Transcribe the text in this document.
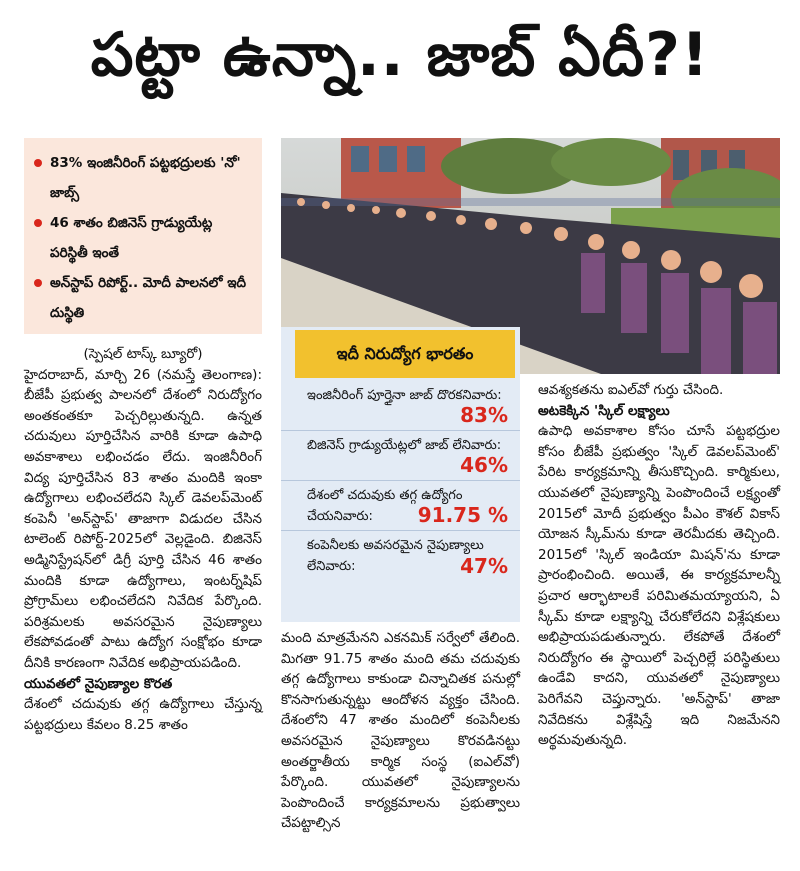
పట్టా ఉన్నా.. జాబ్ ఏదీ?!
83% ఇంజినీరింగ్ పట్టభద్రులకు 'నో' జాబ్స్
46 శాతం బిజినెస్ గ్రాడ్యుయేట్ల పరిస్థితీ ఇంతే
అన్‌స్టాప్ రిపోర్ట్.. మోదీ పాలనలో ఇదీ దుస్థితి

(స్పెషల్ టాస్క్ బ్యూరో)

హైదరాబాద్, మార్చి 26 (నమస్తే తెలంగాణ): బీజేపీ ప్రభుత్వ పాలనలో దేశంలో నిరుద్యోగం అంతకంతకూ పెచ్చరిల్లుతున్నది. ఉన్నత చదువులు పూర్తిచేసిన వారికి కూడా ఉపాధి అవకాశాలు లభించడం లేదు. ఇంజినీరింగ్ విద్య పూర్తిచేసిన 83 శాతం మందికి ఇంకా ఉద్యోగాలు లభించలేదని స్కిల్ డెవలప్‌మెంట్ కంపెనీ 'అన్‌స్టాప్' తాజాగా విడుదల చేసిన టాలెంట్ రిపోర్ట్-2025లో వెల్లడైంది. బిజినెస్ అడ్మినిస్ట్రేషన్‌లో డిగ్రీ పూర్తి చేసిన 46 శాతం మందికి కూడా ఉద్యోగాలు, ఇంటర్న్‌షిప్ ప్రోగ్రామ్‌లు లభించలేదని నివేదిక పేర్కొంది. పరిశ్రమలకు అవసరమైన నైపుణ్యాలు లేకపోవడంతో పాటు ఉద్యోగ సంక్షోభం కూడా దీనికి కారణంగా నివేదిక అభిప్రాయపడింది.

యువతలో నైపుణ్యాల కొరత

దేశంలో చదువుకు తగ్గ ఉద్యోగాలు చేస్తున్న పట్టభద్రులు కేవలం 8.25 శాతం

ఇదీ నిరుద్యోగ భారతం
ఇంజినీరింగ్ పూర్తైనా జాబ్ దొరకనివారు:
83%
బిజినెస్ గ్రాడ్యుయేట్లలో జాబ్ లేనివారు:
46%
దేశంలో చదువుకు తగ్గ ఉద్యోగం చేయనివారు: 91.75 %
కంపెనీలకు అవసరమైన నైపుణ్యాలు లేనివారు:	47%

మంది మాత్రమేనని ఎకనమిక్ సర్వేలో తేలింది. మిగతా 91.75 శాతం మంది తమ చదువుకు తగ్గ ఉద్యోగాలు కాకుండా చిన్నాచితక పనుల్లో కొనసాగుతున్నట్టు ఆందోళన వ్యక్తం చేసింది. దేశంలోని 47 శాతం మందిలో కంపెనీలకు అవసరమైన నైపుణ్యాలు కొరవడినట్టు అంతర్జాతీయ కార్మిక సంస్థ (ఐఎల్‌వో) పేర్కొంది. యువతలో నైపుణ్యాలను పెంపొందించే కార్యక్రమాలను ప్రభుత్వాలు చేపట్టాల్సిన

ఆవశ్యకతను ఐఎల్‌వో గుర్తు చేసింది.

అటకెక్కిన 'స్కిల్ లక్ష్యాలు

ఉపాధి అవకాశాల కోసం చూసే పట్టభద్రుల కోసం బీజేపీ ప్రభుత్వం 'స్కిల్ డెవలప్‌మెంట్' పేరిట కార్యక్రమాన్ని తీసుకొచ్చింది. కార్మికులు, యువతలో నైపుణ్యాన్ని పెంపొందించే లక్ష్యంతో 2015లో మోదీ ప్రభుత్వం పీఎం కౌశల్ వికాస్ యోజన స్కీమ్‌ను కూడా తెరమీదకు తెచ్చింది. 2015లో 'స్కిల్ ఇండియా మిషన్'ను కూడా ప్రారంభించింది. అయితే, ఈ కార్యక్రమాలన్నీ ప్రచార ఆర్భాటాలకే పరిమితమయ్యాయని, ఏ స్కీమ్ కూడా లక్ష్యాన్ని చేరుకోలేదని విశ్లేషకులు అభిప్రాయపడుతున్నారు. లేకపోతే దేశంలో నిరుద్యోగం ఈ స్థాయిలో పెచ్చరిల్లే పరిస్థితులు ఉండేవి కాదని, యువతలో నైపుణ్యాలు పెరిగేవని చెప్తున్నారు. 'అన్‌స్టాప్' తాజా నివేదికను విశ్లేషిస్తే ఇది నిజమేనని అర్థమవుతున్నది.
